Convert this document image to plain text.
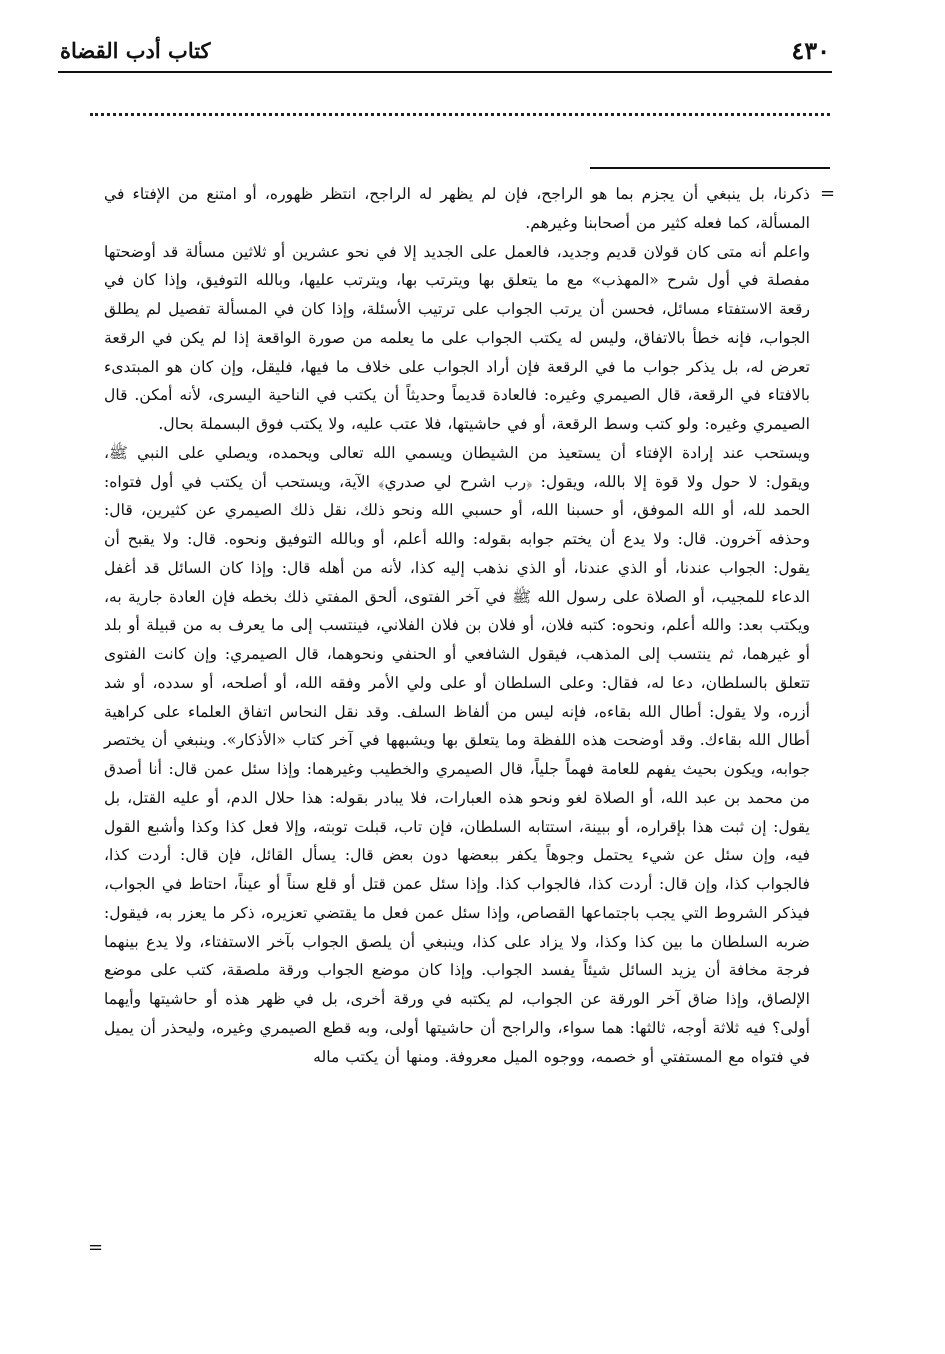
٤٣٠
كتاب أدب القضاة
=

ذكرنا، بل ينبغي أن يجزم بما هو الراجح، فإن لم يظهر له الراجح، انتظر ظهوره، أو امتنع من الإفتاء في المسألة، كما فعله كثير من أصحابنا وغيرهم.

واعلم أنه متى كان قولان قديم وجديد، فالعمل على الجديد إلا في نحو عشرين أو ثلاثين مسألة قد أوضحتها مفصلة في أول شرح «المهذب» مع ما يتعلق بها ويترتب بها، ويترتب عليها، وبالله التوفيق، وإذا كان في رقعة الاستفتاء مسائل، فحسن أن يرتب الجواب على ترتيب الأسئلة، وإذا كان في المسألة تفصيل لم يطلق الجواب، فإنه خطأ بالاتفاق، وليس له يكتب الجواب على ما يعلمه من صورة الواقعة إذا لم يكن في الرقعة تعرض له، بل يذكر جواب ما في الرقعة فإن أراد الجواب على خلاف ما فيها، فليقل، وإن كان هو المبتدىء بالافتاء في الرقعة، قال الصيمري وغيره: فالعادة قديماً وحديثاً أن يكتب في الناحية اليسرى، لأنه أمكن. قال الصيمري وغيره: ولو كتب وسط الرقعة، أو في حاشيتها، فلا عتب عليه، ولا يكتب فوق البسملة بحال.

ويستحب عند إرادة الإفتاء أن يستعيذ من الشيطان ويسمي الله تعالى ويحمده، ويصلي على النبي ﷺ، ويقول: لا حول ولا قوة إلا بالله، ويقول: ﴿رب اشرح لي صدري﴾ الآية، ويستحب أن يكتب في أول فتواه: الحمد لله، أو الله الموفق، أو حسبنا الله، أو حسبي الله ونحو ذلك، نقل ذلك الصيمري عن كثيرين، قال: وحذفه آخرون. قال: ولا يدع أن يختم جوابه بقوله: والله أعلم، أو وبالله التوفيق ونحوه. قال: ولا يقبح أن يقول: الجواب عندنا، أو الذي عندنا، أو الذي نذهب إليه كذا، لأنه من أهله قال: وإذا كان السائل قد أغفل الدعاء للمجيب، أو الصلاة على رسول الله ﷺ في آخر الفتوى، ألحق المفتي ذلك بخطه فإن العادة جارية به، ويكتب بعد: والله أعلم، ونحوه: كتبه فلان، أو فلان بن فلان الفلاني، فينتسب إلى ما يعرف به من قبيلة أو بلد أو غيرهما، ثم ينتسب إلى المذهب، فيقول الشافعي أو الحنفي ونحوهما، قال الصيمري: وإن كانت الفتوى تتعلق بالسلطان، دعا له، فقال: وعلى السلطان أو على ولي الأمر وفقه الله، أو أصلحه، أو سدده، أو شد أزره، ولا يقول: أطال الله بقاءه، فإنه ليس من ألفاظ السلف. وقد نقل النحاس اتفاق العلماء على كراهية أطال الله بقاءك. وقد أوضحت هذه اللفظة وما يتعلق بها ويشبهها في آخر كتاب «الأذكار». وينبغي أن يختصر جوابه، ويكون بحيث يفهم للعامة فهماً جلياً، قال الصيمري والخطيب وغيرهما: وإذا سئل عمن قال: أنا أصدق من محمد بن عبد الله، أو الصلاة لغو ونحو هذه العبارات، فلا يبادر بقوله: هذا حلال الدم، أو عليه القتل، بل يقول: إن ثبت هذا بإقراره، أو ببينة، استتابه السلطان، فإن تاب، قبلت توبته، وإلا فعل كذا وكذا وأشبع القول فيه، وإن سئل عن شيء يحتمل وجوهاً يكفر ببعضها دون بعض قال: يسأل القائل، فإن قال: أردت كذا، فالجواب كذا، وإن قال: أردت كذا، فالجواب كذا. وإذا سئل عمن قتل أو قلع سناً أو عيناً، احتاط في الجواب، فيذكر الشروط التي يجب باجتماعها القصاص، وإذا سئل عمن فعل ما يقتضي تعزيره، ذكر ما يعزر به، فيقول: ضربه السلطان ما بين كذا وكذا، ولا يزاد على كذا، وينبغي أن يلصق الجواب بآخر الاستفتاء، ولا يدع بينهما فرجة مخافة أن يزيد السائل شيئاً يفسد الجواب. وإذا كان موضع الجواب ورقة ملصقة، كتب على موضع الإلصاق، وإذا ضاق آخر الورقة عن الجواب، لم يكتبه في ورقة أخرى، بل في ظهر هذه أو حاشيتها وأيهما أولى؟ فيه ثلاثة أوجه، ثالثها: هما سواء، والراجح أن حاشيتها أولى، وبه قطع الصيمري وغيره، وليحذر أن يميل في فتواه مع المستفتي أو خصمه، ووجوه الميل معروفة. ومنها أن يكتب ماله

=
